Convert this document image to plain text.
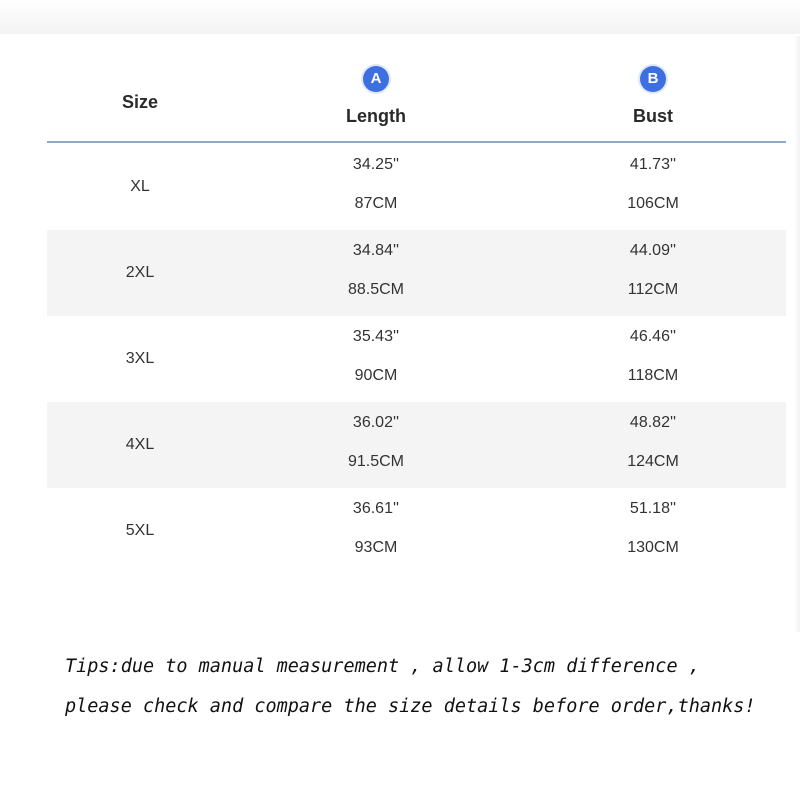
Size
A
Length
B
Bust
XL
34.25''
87CM
41.73''
106CM
2XL
34.84''
88.5CM
44.09''
112CM
3XL
35.43''
90CM
46.46''
118CM
4XL
36.02''
91.5CM
48.82''
124CM
5XL
36.61''
93CM
51.18''
130CM
Tips:due to manual measurement , allow 1-3cm difference ,
please check and compare the size details before order,thanks!
